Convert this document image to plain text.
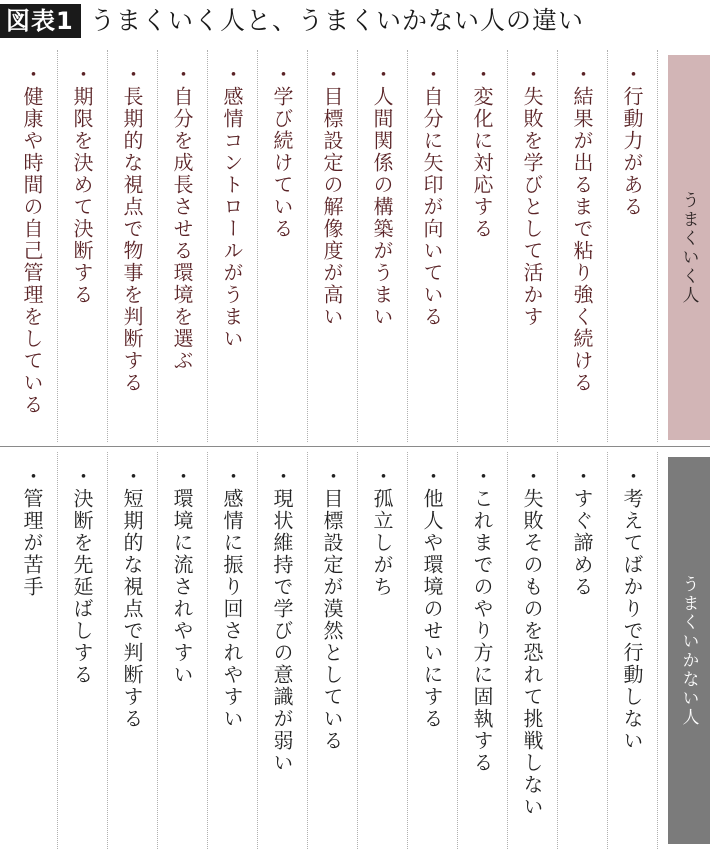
図表1 うまくいく人と、うまくいかない人の違い
うまくいく人
・行動力がある
・結果が出るまで粘り強く続ける
・失敗を学びとして活かす
・変化に対応する
・自分に矢印が向いている
・人間関係の構築がうまい
・目標設定の解像度が高い
・学び続けている
・感情コントロールがうまい
・自分を成長させる環境を選ぶ
・長期的な視点で物事を判断する
・期限を決めて決断する
・健康や時間の自己管理をしている
うまくいかない人
・考えてばかりで行動しない
・すぐ諦める
・失敗そのものを恐れて挑戦しない
・これまでのやり方に固執する
・他人や環境のせいにする
・孤立しがち
・目標設定が漠然としている
・現状維持で学びの意識が弱い
・感情に振り回されやすい
・環境に流されやすい
・短期的な視点で判断する
・決断を先延ばしする
・管理が苦手
